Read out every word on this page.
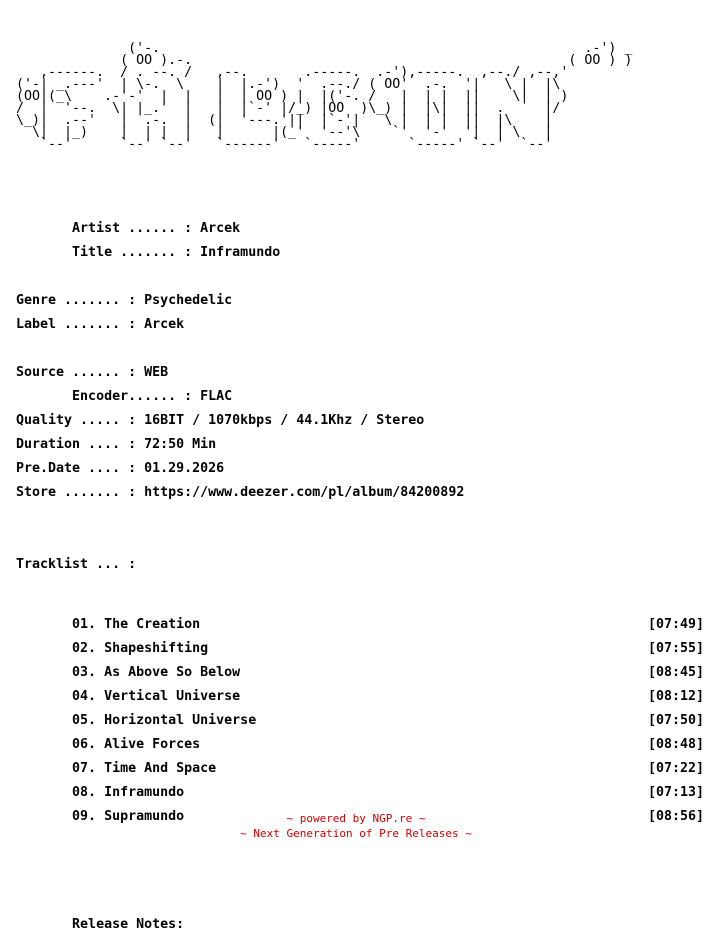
('-.                                                     .-') _
( OO ).-.                                               ( OO ) )
,------.  / . --. /   ,--.       .-----.  .-'),-----.  ,--./ ,--,'
('-| _.---'  | \-.  \    |  |.-')  '  .--./ ( OO'  .-.  '|   \ |  |\
(OO|(_\    .-'-'  |  |   |  | OO ) |  |('-. /   |  | |  ||    \|  | )
/  |  '--.  \| |_.'  |   |  |`-' |/_) |OO  )\_) |  |\|  ||  .     |/
\_)|  .--'   |  .-.  |  (|  '---.'||  |`-'|   \ |  | |  ||  |\    |
\|  |_)    |  | |  |   |      |(_'  '--'\    `'  '-'  '|  | \   |
`--'      `--' `--'   `------'   `-----'      `-----' `--'  `--'

Artist ...... : Arcek

Title ....... : Inframundo

Genre ....... : Psychedelic

Label ....... : Arcek

Source ...... : WEB

Encoder...... : FLAC

Quality ..... : 16BIT / 1070kbps / 44.1Khz / Stereo

Duration .... : 72:50 Min

Pre.Date .... : 01.29.2026

Store ....... : https://www.deezer.com/pl/album/84200892

Tracklist ... :

01. The Creation	[07:49]

02. Shapeshifting	[07:55]

03. As Above So Below	[08:45]

04. Vertical Universe	[08:12]

05. Horizontal Universe	[07:50]

06. Alive Forces	[08:48]

07. Time And Space	[07:22]

08. Inframundo	[07:13]

09. Supramundo	[08:56]

Release Notes:

~ powered by NGP.re ~
~ Next Generation of Pre Releases ~
